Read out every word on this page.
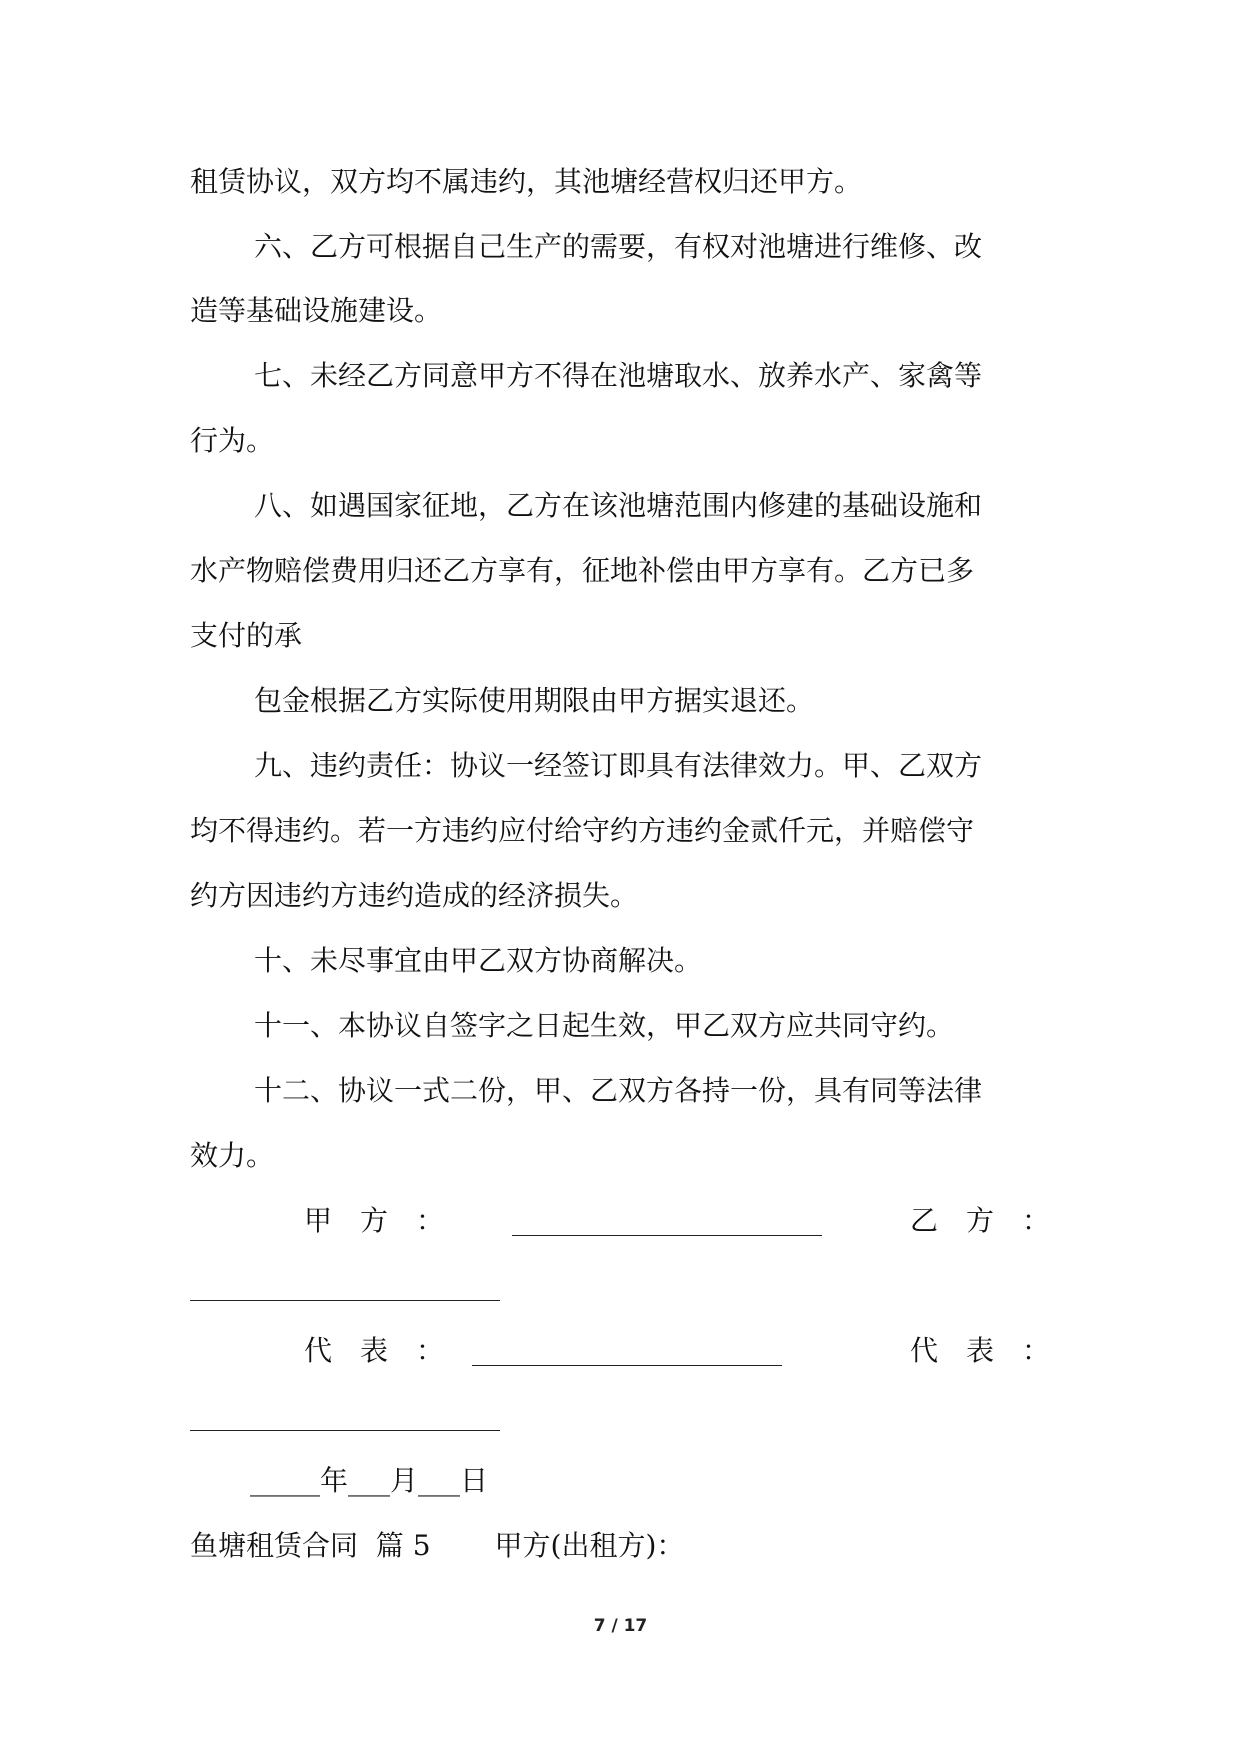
租赁协议，双方均不属违约，其池塘经营权归还甲方。
六、乙方可根据自己生产的需要，有权对池塘进行维修、改
造等基础设施建设。
七、未经乙方同意甲方不得在池塘取水、放养水产、家禽等
行为。
八、如遇国家征地，乙方在该池塘范围内修建的基础设施和
水产物赔偿费用归还乙方享有，征地补偿由甲方享有。乙方已多
支付的承
包金根据乙方实际使用期限由甲方据实退还。
九、违约责任：协议一经签订即具有法律效力。甲、乙双方
均不得违约。若一方违约应付给守约方违约金贰仟元，并赔偿守
约方因违约方违约造成的经济损失。
十、未尽事宜由甲乙双方协商解决。
十一、本协议自签字之日起生效，甲乙双方应共同守约。
十二、协议一式二份，甲、乙双方各持一份，具有同等法律
效力。
甲　方　：	乙　方　：
代　表　：	代　表　：
_____年___月___日
鱼塘租赁合同  篇 5 甲方(出租方)：
7 / 17
